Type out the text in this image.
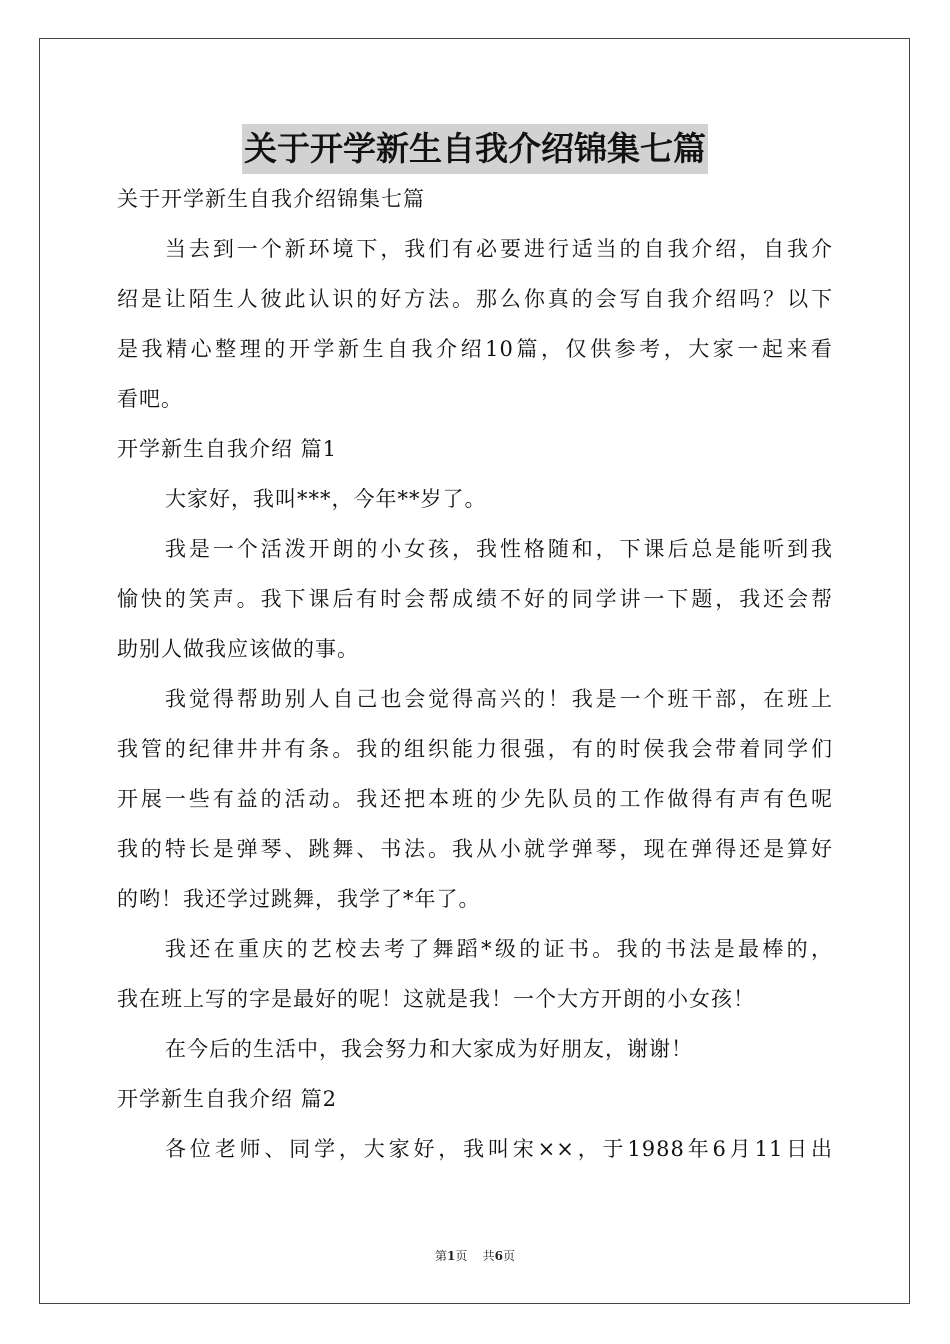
关于开学新生自我介绍锦集七篇

关于开学新生自我介绍锦集七篇

当去到一个新环境下，我们有必要进行适当的自我介绍，自我介

绍是让陌生人彼此认识的好方法。那么你真的会写自我介绍吗？以下

是我精心整理的开学新生自我介绍10篇，仅供参考，大家一起来看

看吧。

开学新生自我介绍 篇1

大家好，我叫***，今年**岁了。

我是一个活泼开朗的小女孩，我性格随和，下课后总是能听到我

愉快的笑声。我下课后有时会帮成绩不好的同学讲一下题，我还会帮

助别人做我应该做的事。

我觉得帮助别人自己也会觉得高兴的！我是一个班干部，在班上

我管的纪律井井有条。我的组织能力很强，有的时侯我会带着同学们

开展一些有益的活动。我还把本班的少先队员的工作做得有声有色呢

我的特长是弹琴、跳舞、书法。我从小就学弹琴，现在弹得还是算好

的哟！我还学过跳舞，我学了*年了。

我还在重庆的艺校去考了舞蹈*级的证书。我的书法是最棒的，

我在班上写的字是最好的呢！这就是我！一个大方开朗的小女孩！

在今后的生活中，我会努力和大家成为好朋友，谢谢！

开学新生自我介绍 篇2

各位老师、同学，大家好，我叫宋××，于1988年6月11日出

第1页 共6页
